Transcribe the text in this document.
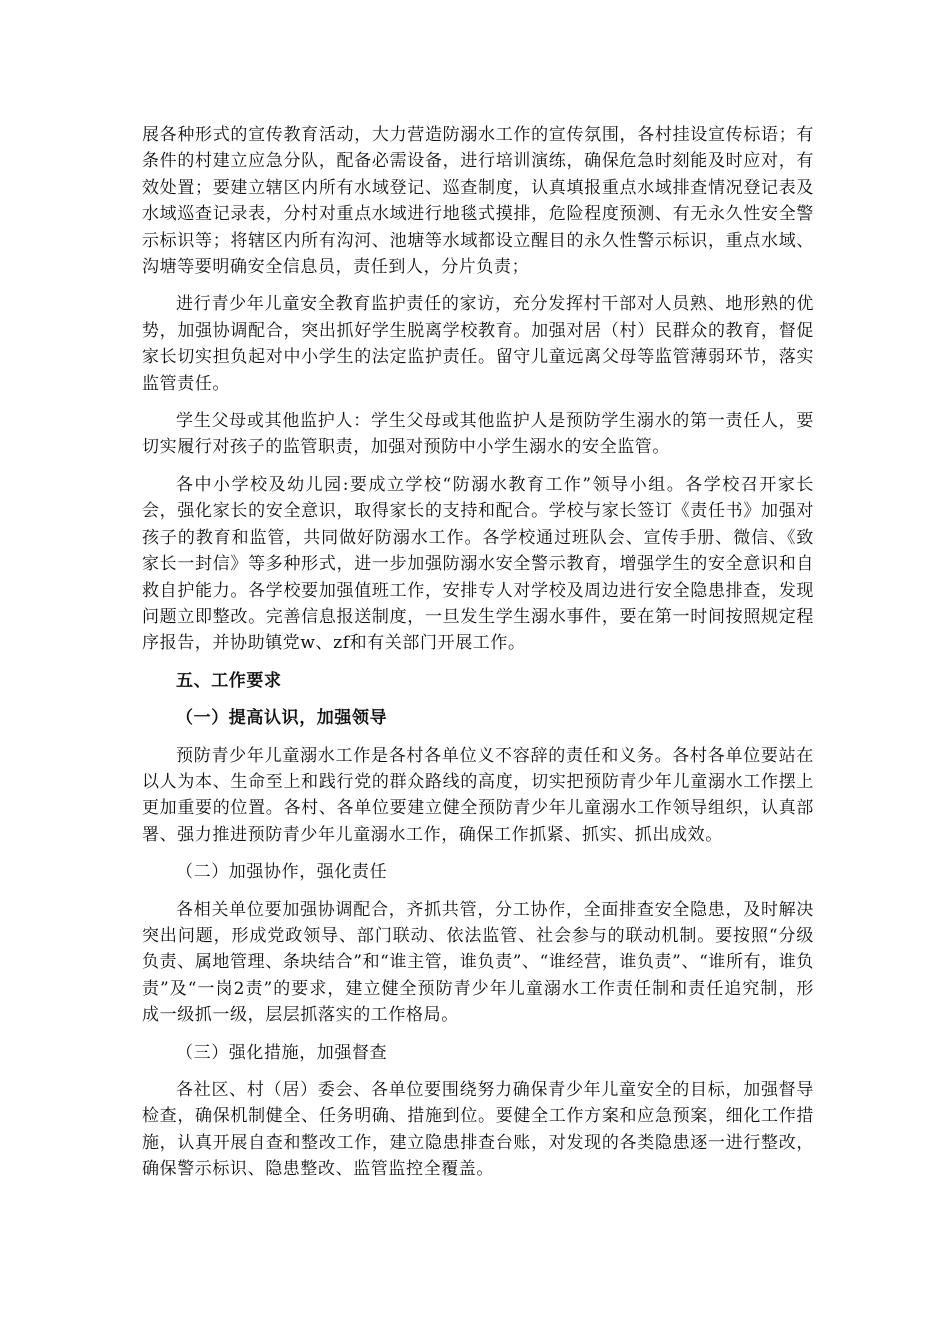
展各种形式的宣传教育活动，大力营造防溺水工作的宣传氛围，各村挂设宣传标语；有条件的村建立应急分队，配备必需设备，进行培训演练，确保危急时刻能及时应对，有效处置；要建立辖区内所有水域登记、巡查制度，认真填报重点水域排查情况登记表及水域巡查记录表，分村对重点水域进行地毯式摸排，危险程度预测、有无永久性安全警示标识等；将辖区内所有沟河、池塘等水域都设立醒目的永久性警示标识，重点水域、沟塘等要明确安全信息员，责任到人，分片负责；

进行青少年儿童安全教育监护责任的家访，充分发挥村干部对人员熟、地形熟的优势，加强协调配合，突出抓好学生脱离学校教育。加强对居（村）民群众的教育，督促家长切实担负起对中小学生的法定监护责任。留守儿童远离父母等监管薄弱环节，落实监管责任。

学生父母或其他监护人：学生父母或其他监护人是预防学生溺水的第一责任人，要切实履行对孩子的监管职责，加强对预防中小学生溺水的安全监管。

各中小学校及幼儿园:要成立学校“防溺水教育工作”领导小组。各学校召开家长会，强化家长的安全意识，取得家长的支持和配合。学校与家长签订《责任书》加强对孩子的教育和监管，共同做好防溺水工作。各学校通过班队会、宣传手册、微信、《致家长一封信》等多种形式，进一步加强防溺水安全警示教育，增强学生的安全意识和自救自护能力。各学校要加强值班工作，安排专人对学校及周边进行安全隐患排查，发现问题立即整改。完善信息报送制度，一旦发生学生溺水事件，要在第一时间按照规定程序报告，并协助镇党w、zf和有关部门开展工作。

五、工作要求
（一）提高认识，加强领导

预防青少年儿童溺水工作是各村各单位义不容辞的责任和义务。各村各单位要站在以人为本、生命至上和践行党的群众路线的高度，切实把预防青少年儿童溺水工作摆上更加重要的位置。各村、各单位要建立健全预防青少年儿童溺水工作领导组织，认真部署、强力推进预防青少年儿童溺水工作，确保工作抓紧、抓实、抓出成效。

（二）加强协作，强化责任

各相关单位要加强协调配合，齐抓共管，分工协作，全面排查安全隐患，及时解决突出问题，形成党政领导、部门联动、依法监管、社会参与的联动机制。要按照“分级负责、属地管理、条块结合”和“谁主管，谁负责”、“谁经营，谁负责”、“谁所有，谁负责”及“一岗2责”的要求，建立健全预防青少年儿童溺水工作责任制和责任追究制，形成一级抓一级，层层抓落实的工作格局。

（三）强化措施，加强督查

各社区、村（居）委会、各单位要围绕努力确保青少年儿童安全的目标，加强督导检查，确保机制健全、任务明确、措施到位。要健全工作方案和应急预案，细化工作措施，认真开展自查和整改工作，建立隐患排查台账，对发现的各类隐患逐一进行整改，确保警示标识、隐患整改、监管监控全覆盖。
